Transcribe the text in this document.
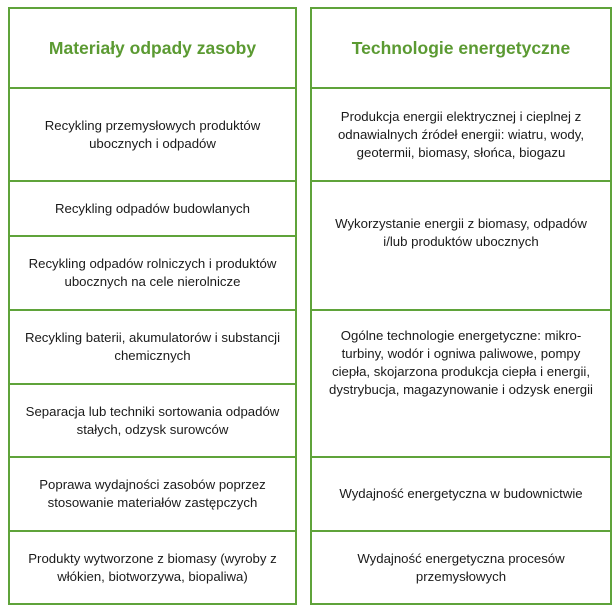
Materiały odpady zasoby
Recykling przemysłowych produktów ubocznych i odpadów
Recykling odpadów budowlanych
Recykling odpadów rolniczych i produktów ubocznych na cele nierolnicze
Recykling baterii, akumulatorów i substancji chemicznych
Separacja lub techniki sortowania odpadów stałych, odzysk surowców
Poprawa wydajności zasobów poprzez stosowanie materiałów zastępczych
Produkty wytworzone z biomasy (wyroby z włókien, biotworzywa, biopaliwa)
Technologie energetyczne
Produkcja energii elektrycznej i cieplnej z odnawialnych źródeł energii: wiatru, wody, geotermii, biomasy, słońca, biogazu
Wykorzystanie energii z biomasy, odpadów i/lub produktów ubocznych
Ogólne technologie energetyczne: mikro-turbiny, wodór i ogniwa paliwowe, pompy ciepła, skojarzona produkcja ciepła i energii, dystrybucja, magazynowanie i odzysk energii
Wydajność energetyczna w budownictwie
Wydajność energetyczna procesów przemysłowych
